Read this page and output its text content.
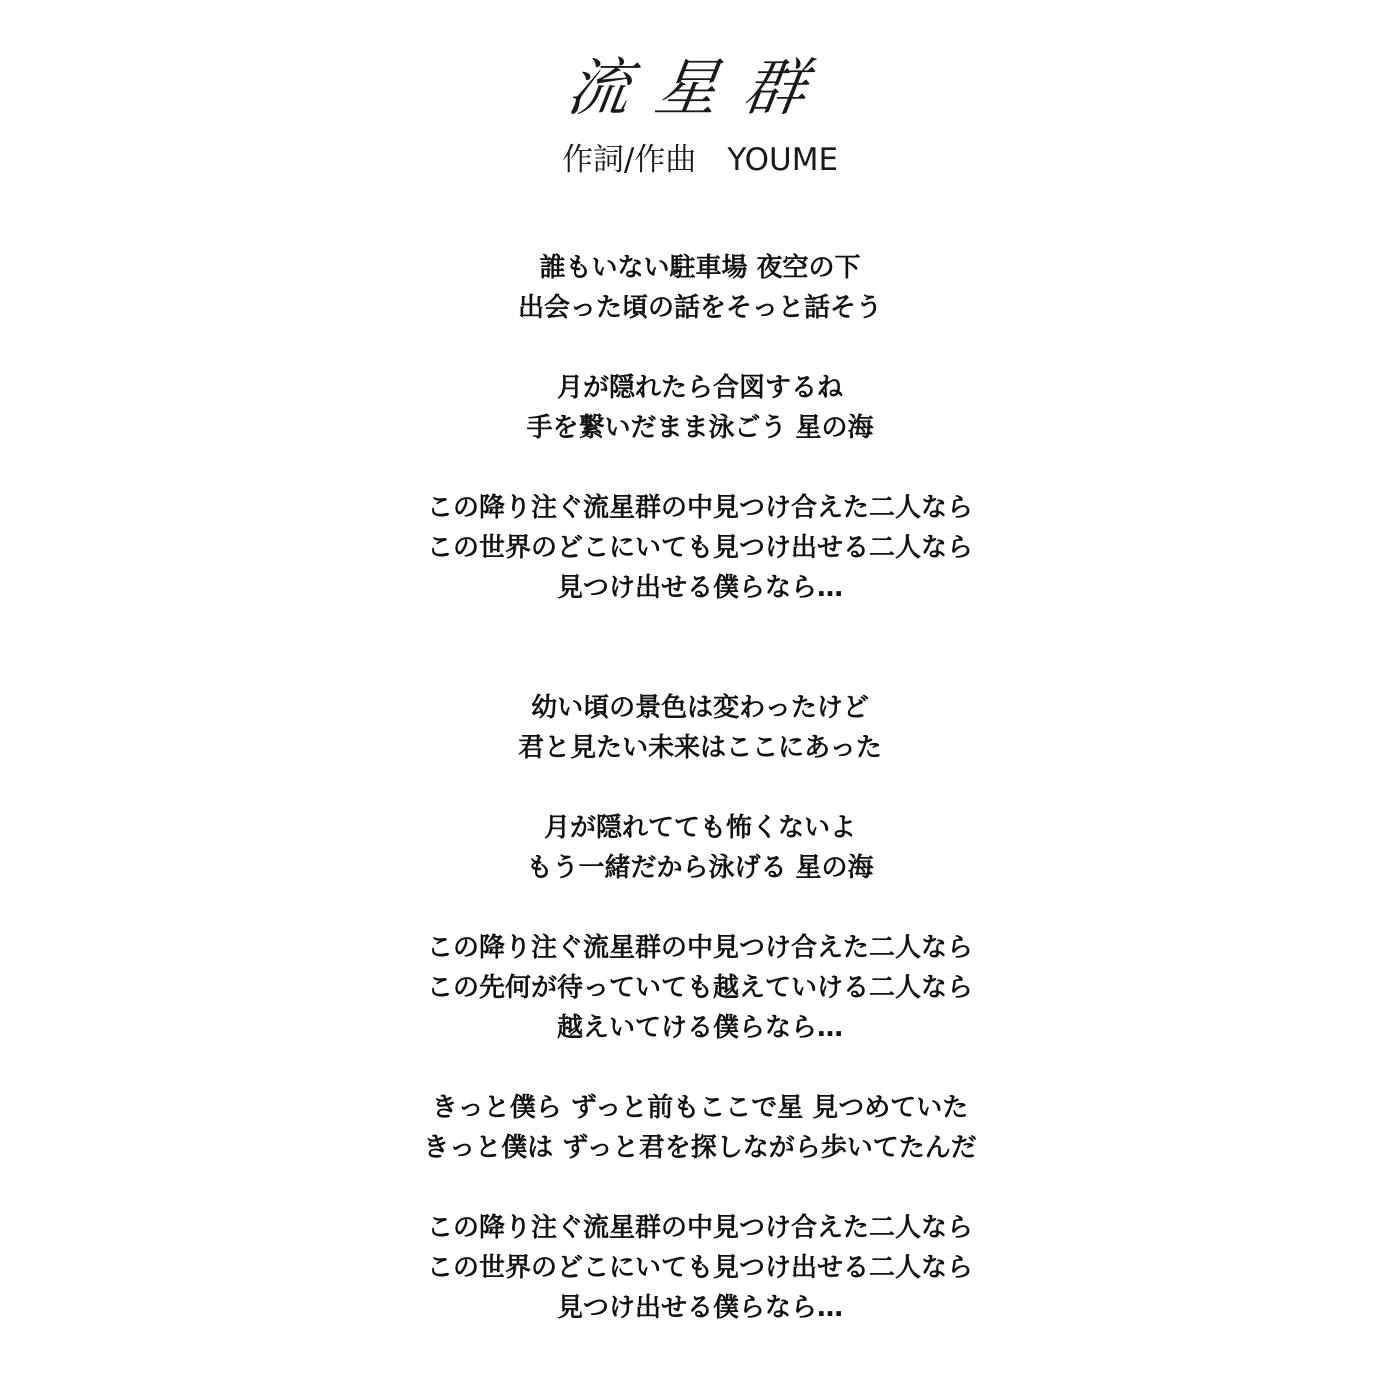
流星群
作詞/作曲　YOUME
誰もいない駐車場 夜空の下
出会った頃の話をそっと話そう
月が隠れたら合図するね
手を繋いだまま泳ごう 星の海
この降り注ぐ流星群の中見つけ合えた二人なら
この世界のどこにいても見つけ出せる二人なら
見つけ出せる僕らなら…
幼い頃の景色は変わったけど
君と見たい未来はここにあった
月が隠れてても怖くないよ
もう一緒だから泳げる 星の海
この降り注ぐ流星群の中見つけ合えた二人なら
この先何が待っていても越えていける二人なら
越えいてける僕らなら…
きっと僕ら ずっと前もここで星 見つめていた
きっと僕は ずっと君を探しながら歩いてたんだ
この降り注ぐ流星群の中見つけ合えた二人なら
この世界のどこにいても見つけ出せる二人なら
見つけ出せる僕らなら…
